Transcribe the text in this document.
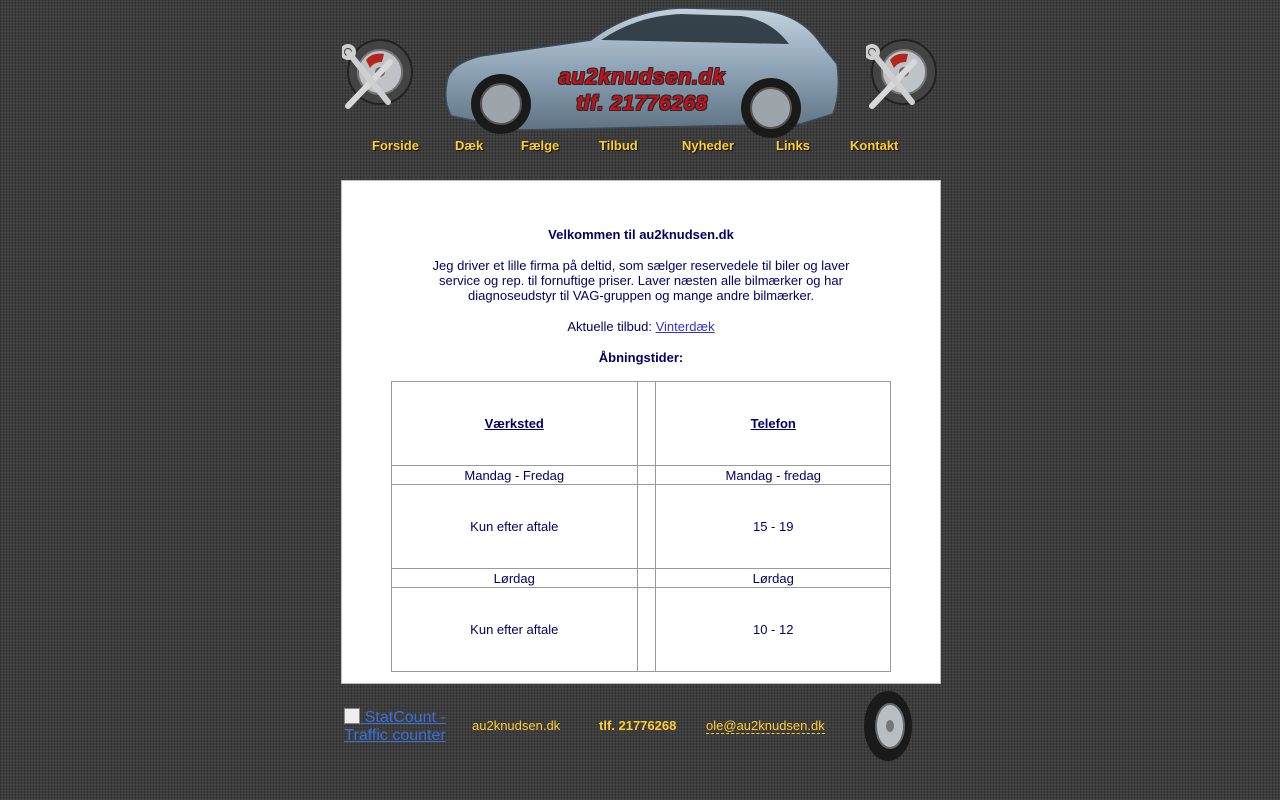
au2knudsen.dk
tlf. 21776268
Forside	Dæk	Fælge	Tilbud	Nyheder	Links	Kontakt
Velkommen til au2knudsen.dk
Jeg driver et lille firma på deltid, som sælger reservedele til biler og laver
service og rep. til fornuftige priser. Laver næsten alle bilmærker og har
diagnoseudstyr til VAG-gruppen og mange andre bilmærker.
Aktuelle tilbud: Vinterdæk
Åbningstider:
Værksted		Telefon
Mandag - Fredag		Mandag - fredag
Kun efter aftale		15 - 19
Lørdag		Lørdag
Kun efter aftale		10 - 12
StatCount - Traffic counter
au2knudsen.dk	tlf. 21776268 ole@au2knudsen.dk
